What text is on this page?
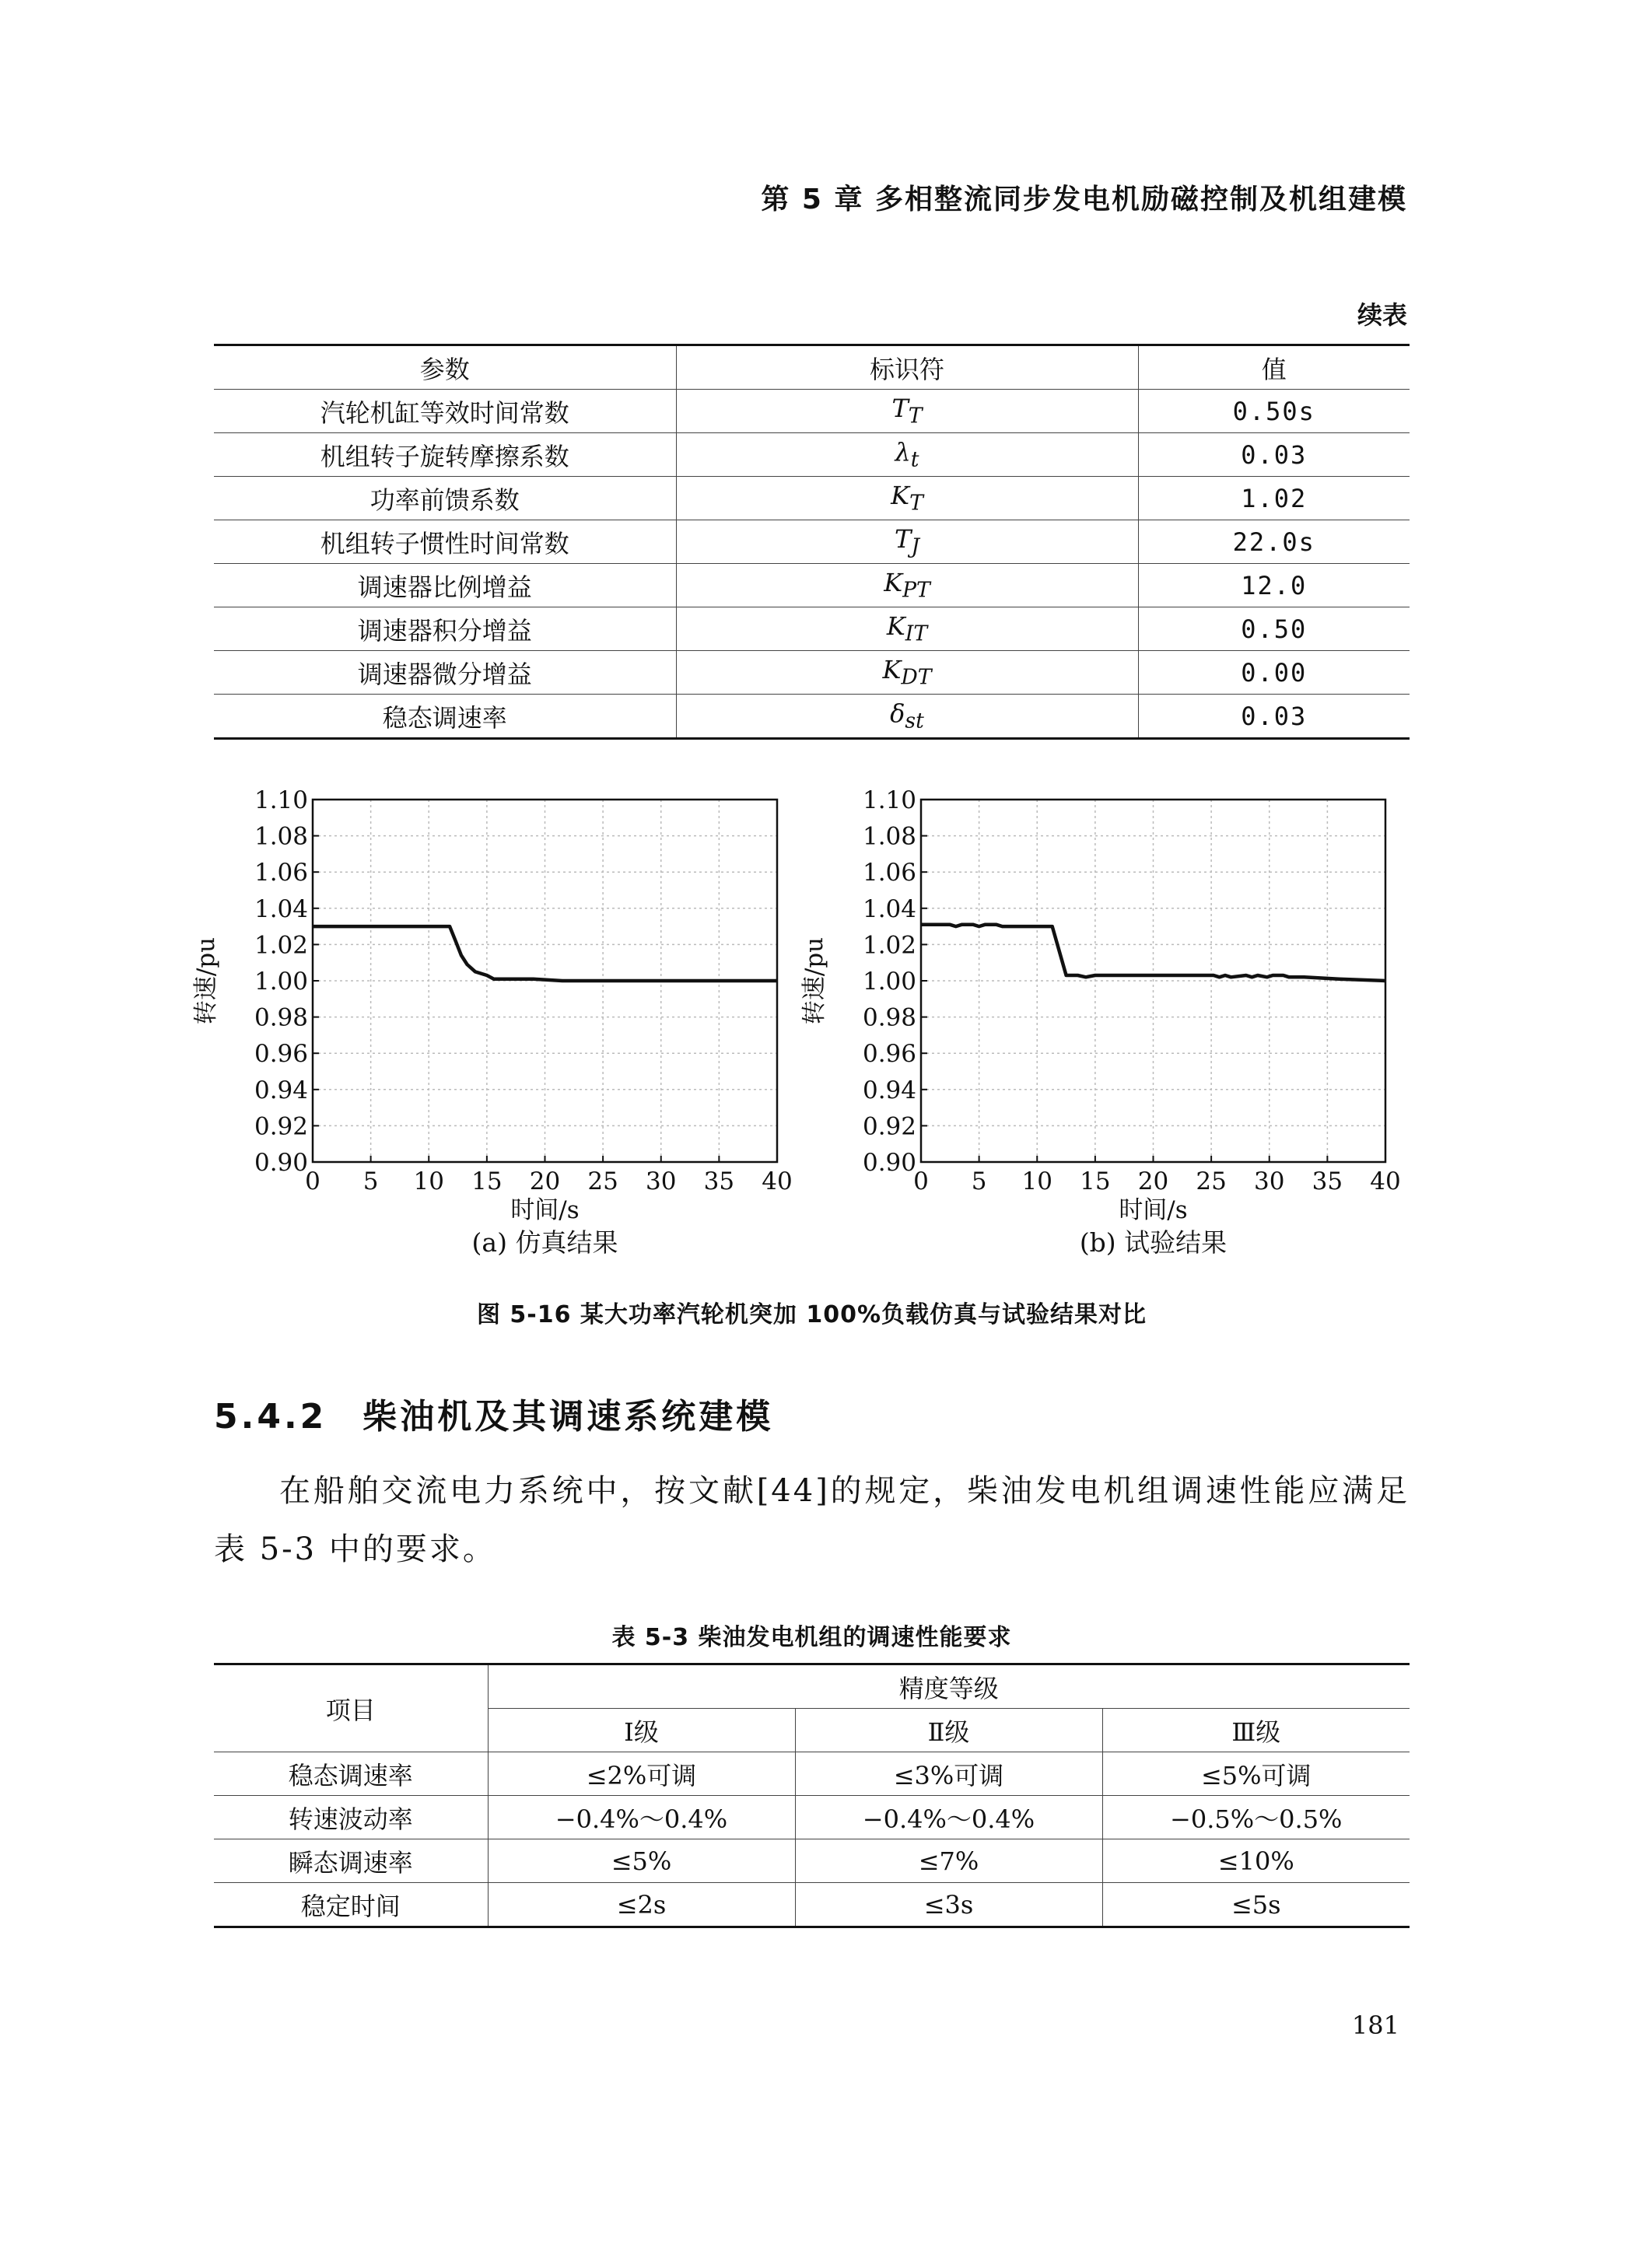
第 5 章 多相整流同步发电机励磁控制及机组建模
续表
参数	标识符	值
汽轮机缸等效时间常数	$T_T$	0.50s
机组转子旋转摩擦系数	$\lambda_t$	0.03
功率前馈系数	$K_T$	1.02
机组转子惯性时间常数	$T_J$	22.0s
调速器比例增益	$K_{PT}$	12.0
调速器积分增益	$K_{IT}$	0.50
调速器微分增益	$K_{DT}$	0.00
稳态调速率	$\delta_{st}$	0.03
0 5 10 15 20 25 30 35 40
0.90
0.92
0.94
0.96
0.98
1.00
1.02
1.04
1.06
1.08
1.10
时间/s
转速/pu
(a) 仿真结果
0 5 10 15 20 25 30 35 40
0.90
0.92
0.94
0.96
0.98
1.00
1.02
1.04
1.06
1.08
1.10
时间/s
转速/pu
(b) 试验结果
图 5-16 某大功率汽轮机突加 100%负载仿真与试验结果对比
5.4.2 柴油机及其调速系统建模
在船舶交流电力系统中，按文献[44]的规定，柴油发电机组调速性能应满足表 5-3 中的要求。
表 5-3 柴油发电机组的调速性能要求
项目	精度等级		
	Ⅰ级	Ⅱ级	Ⅲ级
稳态调速率	≤2%可调	≤3%可调	≤5%可调
转速波动率	−0.4%～0.4%	−0.4%～0.4%	−0.5%～0.5%
瞬态调速率	≤5%	≤7%	≤10%
稳定时间	≤2s	≤3s	≤5s
181
